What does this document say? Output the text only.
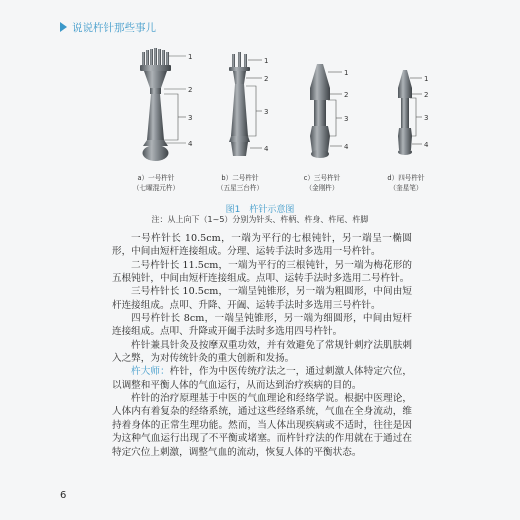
说说杵针那些事儿
1
2
3
4
1
2
3
4
1
2
3
4
1
2
3
4
a）一号杵针
（七曜混元杵）
b）二号杵针
（五星三台杵）
c）三号杵针
（金刚杵）
d）四号杵针
（奎星笔）
图1　杵针示意图
注：从上向下（1~5）分别为针头、杵柄、杵身、杵尾、杵脚

一号杵针长 10.5cm，一端为平行的七根钝针，另一端呈一椭圆形，中间由短杆连接组成。分理、运转手法时多选用一号杵针。

二号杵针长 11.5cm，一端为平行的三根钝针，另一端为梅花形的五根钝针，中间由短杆连接组成。点叩、运转手法时多选用二号杵针。

三号杵针长 10.5cm，一端呈钝锥形，另一端为粗圆形，中间由短杆连接组成。点叩、升降、开阖、运转手法时多选用三号杵针。

四号杵针长 8cm，一端呈钝锥形，另一端为细圆形，中间由短杆连接组成。点叩、升降或开阖手法时多选用四号杵针。

杵针兼具针灸及按摩双重功效，并有效避免了常规针刺疗法肌肤刺入之弊，为对传统针灸的重大创新和发扬。

杵大师：杵针，作为中医传统疗法之一，通过刺激人体特定穴位，以调整和平衡人体的气血运行，从而达到治疗疾病的目的。

杵针的治疗原理基于中医的气血理论和经络学说。根据中医理论，人体内有着复杂的经络系统，通过这些经络系统，气血在全身流动，维持着身体的正常生理功能。然而，当人体出现疾病或不适时，往往是因为这种气血运行出现了不平衡或堵塞。而杵针疗法的作用就在于通过在特定穴位上刺激，调整气血的流动，恢复人体的平衡状态。

6
